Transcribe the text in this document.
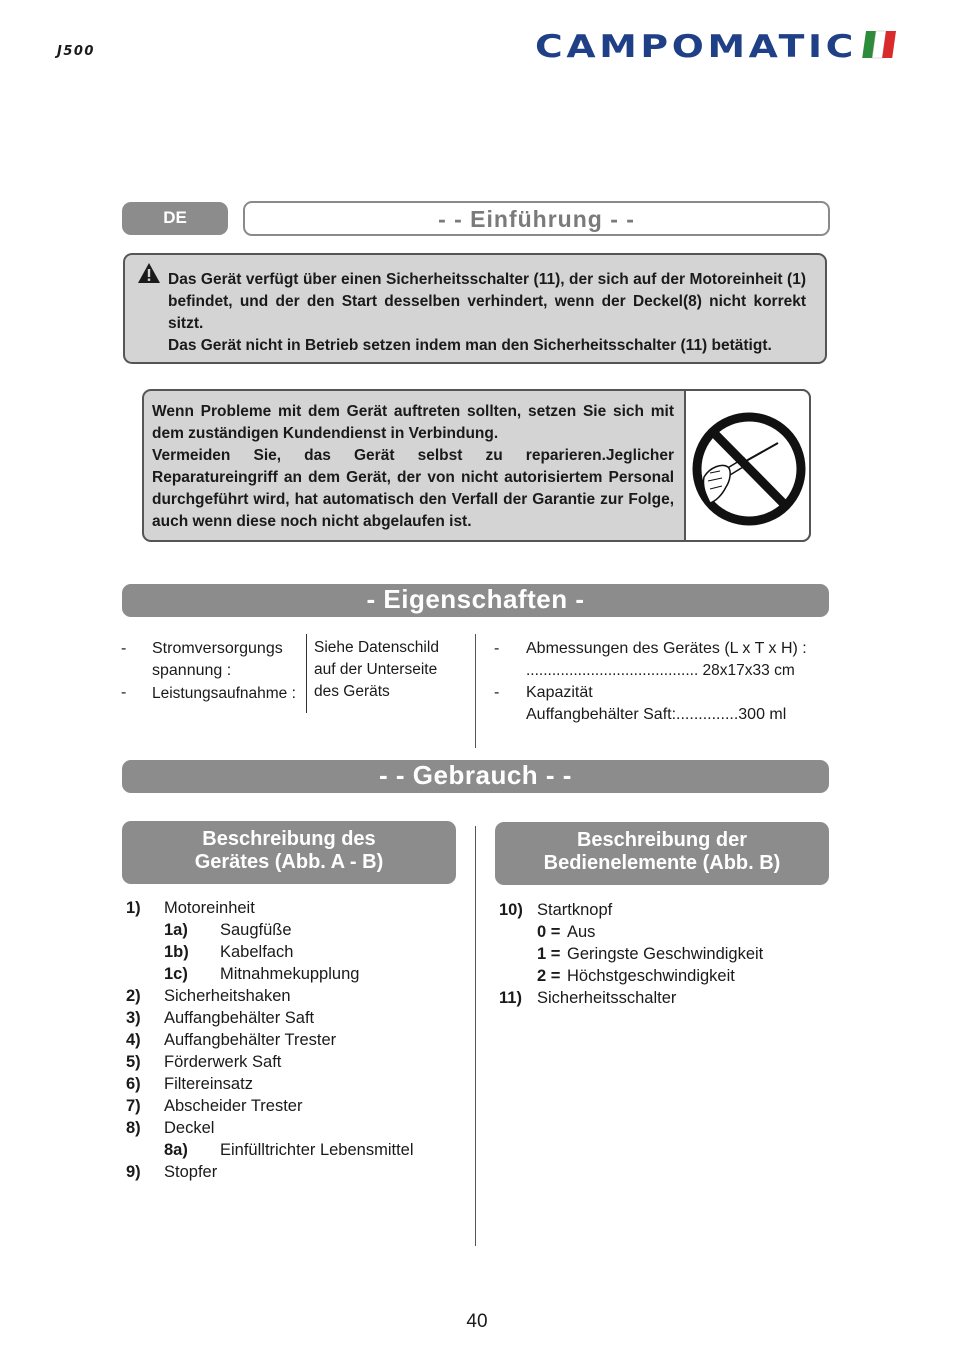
J500	CAMPOMATIC
DE	- - Einführung - -

Das Gerät verfügt über einen Sicherheitsschalter (11), der sich auf der Motoreinheit (1) befindet, und der den Start desselben verhindert, wenn der Deckel(8) nicht korrekt sitzt.

Das Gerät nicht in Betrieb setzen indem man den Sicherheitsschalter (11) betätigt.

Wenn Probleme mit dem Gerät auftreten sollten, setzen Sie sich mit dem zuständigen Kundendienst in Verbindung.

Vermeiden Sie, das Gerät selbst zu reparieren.Jeglicher Reparatureingriff an dem Gerät, der von nicht autorisiertem Personal durchgeführt wird, hat automatisch den Verfall der Garantie zur Folge, auch wenn diese noch nicht abgelaufen ist.

- Eigenschaften -
- Stromversorgungs
spannung :
- Leistungsaufnahme :
Siehe Datenschild
auf der Unterseite
des Geräts
- Abmessungen des Gerätes (L x T x H) :
........................................ 28x17x33 cm
- Kapazität
Auffangbehälter Saft:..............300 ml
- - Gebrauch - -
Beschreibung des
Gerätes (Abb. A - B)
Beschreibung der
Bedienelemente (Abb. B)
1) Motoreinheit
1a) Saugfüße
1b) Kabelfach
1c) Mitnahmekupplung
2) Sicherheitshaken
3) Auffangbehälter Saft
4) Auffangbehälter Trester
5) Förderwerk Saft
6) Filtereinsatz
7) Abscheider Trester
8) Deckel
8a) Einfülltrichter Lebensmittel
9) Stopfer
10) Startknopf
0 = Aus
1 = Geringste Geschwindigkeit
2 = Höchstgeschwindigkeit
11) Sicherheitsschalter
40
